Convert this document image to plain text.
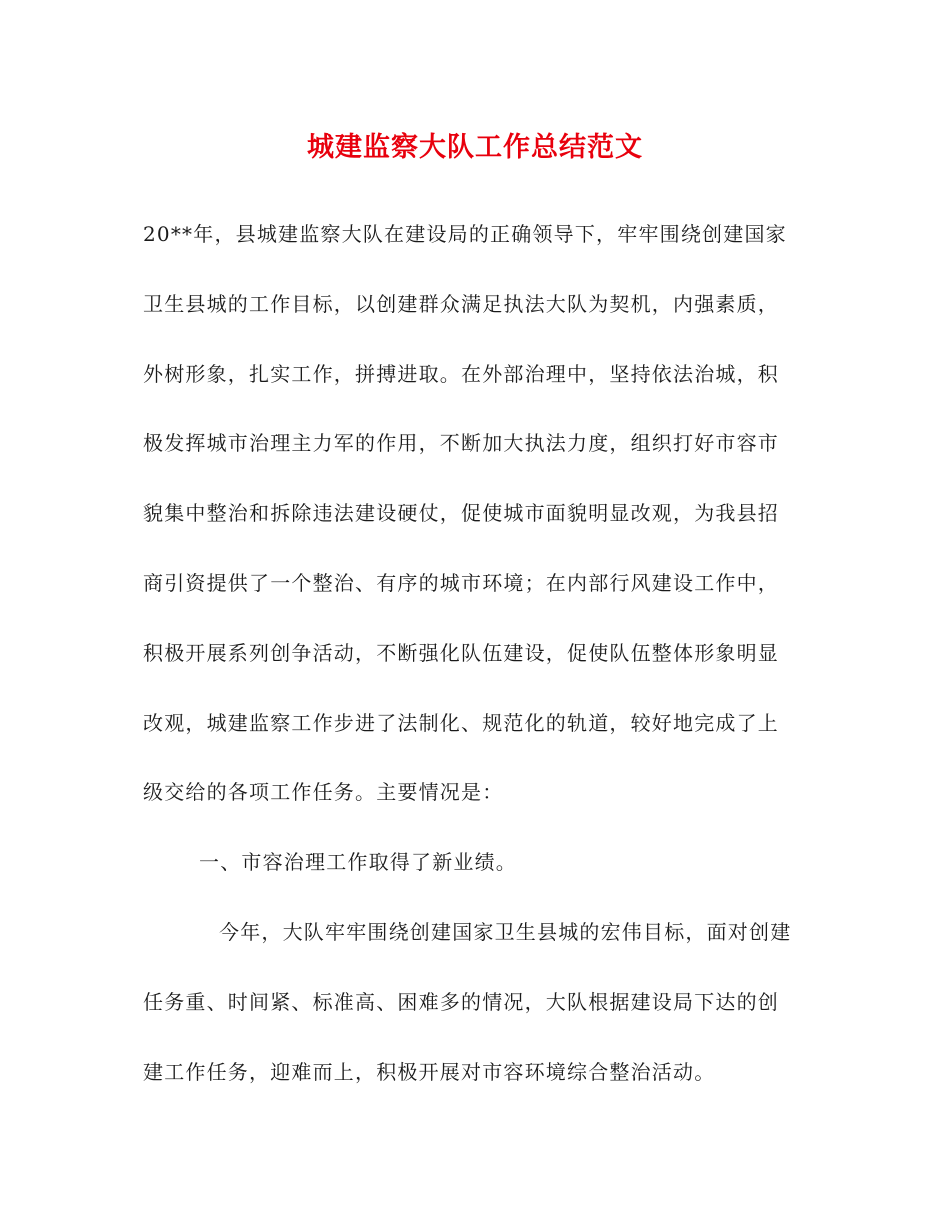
城建监察大队工作总结范文
20**年，县城建监察大队在建设局的正确领导下，牢牢围绕创建国家
卫生县城的工作目标，以创建群众满足执法大队为契机，内强素质，
外树形象，扎实工作，拼搏进取。在外部治理中，坚持依法治城，积
极发挥城市治理主力军的作用，不断加大执法力度，组织打好市容市
貌集中整治和拆除违法建设硬仗，促使城市面貌明显改观，为我县招
商引资提供了一个整治、有序的城市环境；在内部行风建设工作中，
积极开展系列创争活动，不断强化队伍建设，促使队伍整体形象明显
改观，城建监察工作步进了法制化、规范化的轨道，较好地完成了上
级交给的各项工作任务。主要情况是：
一、市容治理工作取得了新业绩。
今年，大队牢牢围绕创建国家卫生县城的宏伟目标，面对创建
任务重、时间紧、标准高、困难多的情况，大队根据建设局下达的创
建工作任务，迎难而上，积极开展对市容环境综合整治活动。
